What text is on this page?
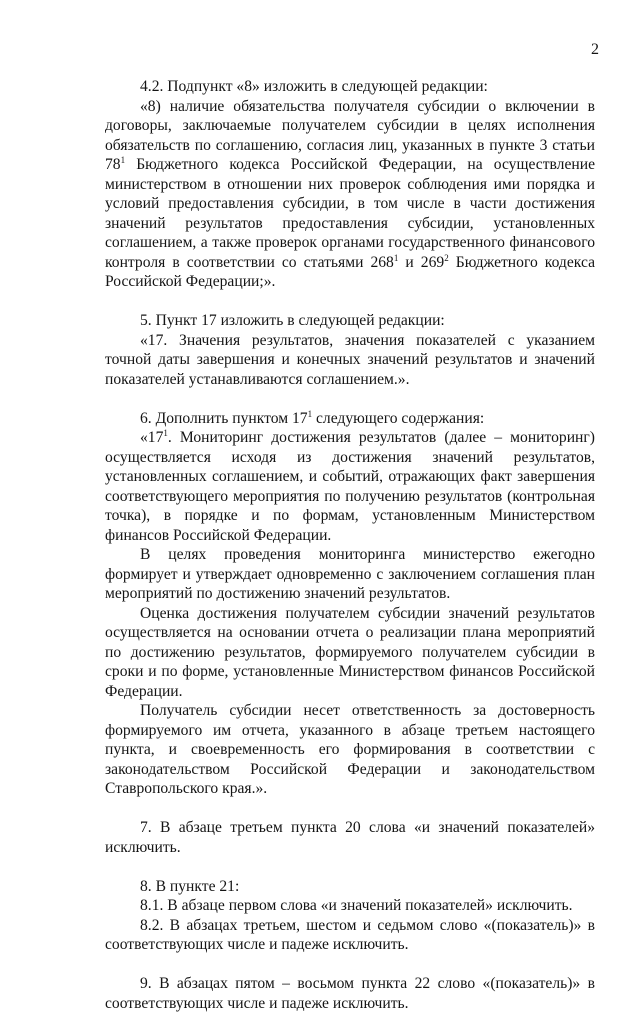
2

4.2. Подпункт «8» изложить в следующей редакции:

«8) наличие обязательства получателя субсидии о включении в договоры, заключаемые получателем субсидии в целях исполнения обязательств по соглашению, согласия лиц, указанных в пункте 3 статьи $78^1$ Бюджетного кодекса Российской Федерации, на осуществление министерством в отношении них проверок соблюдения ими порядка и условий предоставления субсидии, в том числе в части достижения значений результатов предоставления субсидии, установленных соглашением, а также проверок органами государственного финансового контроля в соответствии со статьями $268^1$ и $269^2$ Бюджетного кодекса Российской Федерации;».

5. Пункт 17 изложить в следующей редакции:

«17. Значения результатов, значения показателей с указанием точной даты завершения и конечных значений результатов и значений показателей устанавливаются соглашением.».

6. Дополнить пунктом $17^1$ следующего содержания:

«$17^1$. Мониторинг достижения результатов (далее – мониторинг) осуществляется исходя из достижения значений результатов, установленных соглашением, и событий, отражающих факт завершения соответствующего мероприятия по получению результатов (контрольная точка), в порядке и по формам, установленным Министерством финансов Российской Федерации.

В целях проведения мониторинга министерство ежегодно формирует и утверждает одновременно с заключением соглашения план мероприятий по достижению значений результатов.

Оценка достижения получателем субсидии значений результатов осуществляется на основании отчета о реализации плана мероприятий по достижению результатов, формируемого получателем субсидии в сроки и по форме, установленные Министерством финансов Российской Федерации.

Получатель субсидии несет ответственность за достоверность формируемого им отчета, указанного в абзаце третьем настоящего пункта, и своевременность его формирования в соответствии с законодательством Российской Федерации и законодательством Ставропольского края.».

7. В абзаце третьем пункта 20 слова «и значений показателей» исключить.

8. В пункте 21:

8.1. В абзаце первом слова «и значений показателей» исключить.

8.2. В абзацах третьем, шестом и седьмом слово «(показатель)» в соответствующих числе и падеже исключить.

9. В абзацах пятом – восьмом пункта 22 слово «(показатель)» в соответствующих числе и падеже исключить.
